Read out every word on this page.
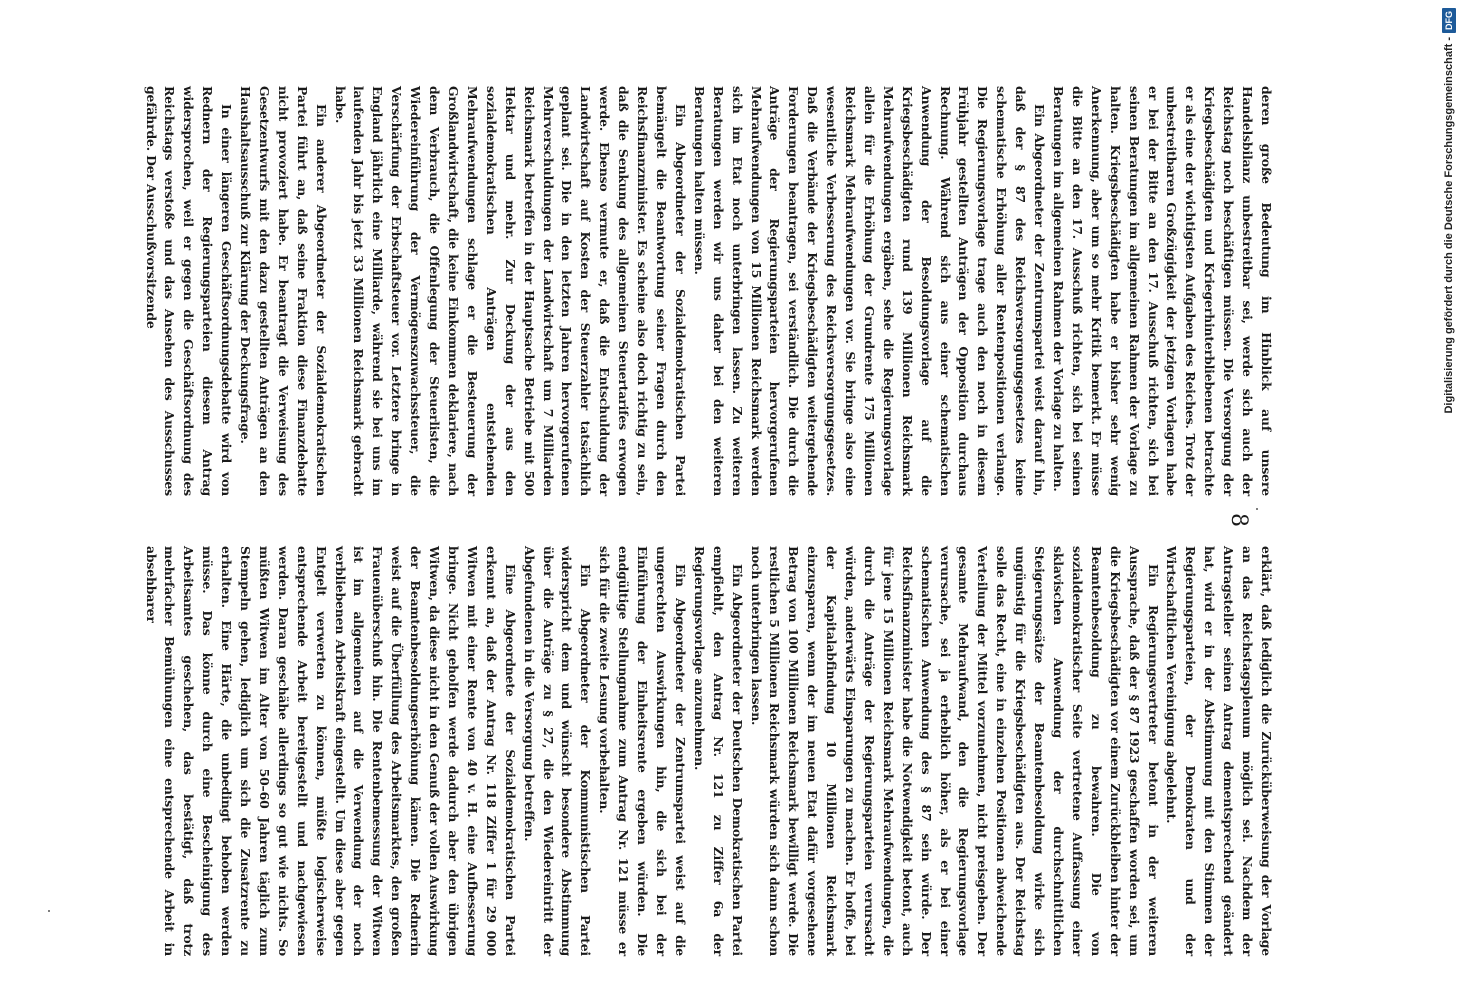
deren große Bedeutung im Hinblick auf unsere Handelsbilanz unbestreitbar sei, werde sich auch der Reichstag noch beschäftigen müssen. Die Versorgung der Kriegsbeschädigten und Kriegerhinterbliebenen betrachte er als eine der wichtigsten Aufgaben des Reiches. Trotz der unbestreitbaren Großzügigkeit der jetzigen Vorlagen habe er bei der Bitte an den 17. Ausschuß richten, sich bei seinen Beratungen im allgemeinen Rahmen der Vorlage zu halten. Kriegsbeschädigten habe er bisher sehr wenig Anerkennung, aber um so mehr Kritik bemerkt. Er müsse die Bitte an den 17. Ausschuß richten, sich bei seinen Beratungen im allgemeinen Rahmen der Vorlage zu halten.

Ein Abgeordneter der Zentrumspartei weist darauf hin, daß der § 87 des Reichsversorgungsgesetzes keine schematische Erhöhung aller Rentenpositionen verlange. Die Regierungsvorlage trage auch den noch in diesem Frühjahr gestellten Anträgen der Opposition durchaus Rechnung. Während sich aus einer schematischen Anwendung der Besoldungsvorlage auf die Kriegsbeschädigten rund 139 Millionen Reichsmark Mehraufwendungen ergäben, sehe die Regierungsvorlage allein für die Erhöhung der Grundrente 175 Millionen Reichsmark Mehraufwendungen vor. Sie bringe also eine wesentliche Verbesserung des Reichsversorgungsgesetzes. Daß die Verbände der Kriegsbeschädigten weitergehende Forderungen beantragen, sei verständlich. Die durch die Anträge der Regierungsparteien hervorgerufenen Mehraufwendungen von 15 Millionen Reichsmark werden sich im Etat noch unterbringen lassen. Zu weiteren Beratungen werden wir uns daher bei den weiteren Beratungen halten müssen.

Ein Abgeordneter der Sozialdemokratischen Partei bemängelt die Beantwortung seiner Fragen durch den Reichsfinanzminister. Es scheine also doch richtig zu sein, daß die Senkung des allgemeinen Steuertarifes erwogen werde. Ebenso vermute er, daß die Entschuldung der Landwirtschaft auf Kosten der Steuerzahler tatsächlich geplant sei. Die in den letzten Jahren hervorgerufenen Mehrverschuldungen der Landwirtschaft um 7 Milliarden Reichsmark betreffen in der Hauptsache Betriebe mit 500 Hektar und mehr. Zur Deckung der aus den sozialdemokratischen Anträgen entstehenden Mehraufwendungen schlage er die Besteuerung der Großlandwirtschaft, die keine Einkommen deklariere, nach dem Verbrauch, die Offenlegung der Steuerlisten, die Wiedereinführung der Vermögenszuwachssteuer, die Verschärfung der Erbschaftsteuer vor. Letztere bringe in England jährlich eine Milliarde, während sie bei uns im laufenden Jahr bis jetzt 33 Millionen Reichsmark gebracht habe.

Ein anderer Abgeordneter der Sozialdemokratischen Partei führt an, daß seine Fraktion diese Finanzdebatte nicht provoziert habe. Er beantragt die Verweisung des Gesetzentwurfs mit den dazu gestellten Anträgen an den Haushaltsausschuß zur Klärung der Deckungsfrage.

In einer längeren Geschäftsordnungsdebatte wird von Rednern der Regierungsparteien diesem Antrag widersprochen, weil er gegen die Geschäftsordnung des Reichstags verstoße und das Ansehen des Ausschusses gefährde. Der Ausschußvorsitzende

8

erklärt, daß lediglich die Zurücküberweisung der Vorlage an das Reichstagsplenum möglich sei. Nachdem der Antragsteller seinen Antrag dementsprechend geändert hat, wird er in der Abstimmung mit den Stimmen der Regierungsparteien, der Demokraten und der Wirtschaftlichen Vereinigung abgelehnt.

Ein Regierungsvertreter betont in der weiteren Aussprache, daß der § 87 1923 geschaffen worden sei, um die Kriegsbeschädigten vor einem Zurückbleiben hinter der Beamtenbesoldung zu bewahren. Die von sozialdemokratischer Seite vertretene Auffassung einer sklavischen Anwendung der durchschnittlichen Steigerungssätze der Beamtenbesoldung wirke sich ungünstig für die Kriegsbeschädigten aus. Der Reichstag solle das Recht, eine in einzelnen Positionen abweichende Verteilung der Mittel vorzunehmen, nicht preisgeben. Der gesamte Mehraufwand, den die Regierungsvorlage verursache, sei ja erheblich höher, als er bei einer schematischen Anwendung des § 87 sein würde. Der Reichsfinanzminister habe die Notwendigkeit betont, auch für jene 15 Millionen Reichsmark Mehraufwendungen, die durch die Anträge der Regierungsparteien verursacht würden, anderwärts Einsparungen zu machen. Er hoffe, bei der Kapitalabfindung 10 Millionen Reichsmark einzusparen, wenn der im neuen Etat dafür vorgesehene Betrag von 100 Millionen Reichsmark bewilligt werde. Die restlichen 5 Millionen Reichsmark würden sich dann schon noch unterbringen lassen.

Ein Abgeordneter der Deutschen Demokratischen Partei empfiehlt, den Antrag Nr. 121 zu Ziffer 6a der Regierungsvorlage anzunehmen.

Ein Abgeordneter der Zentrumspartei weist auf die ungerechten Auswirkungen hin, die sich bei der Einführung der Einheitsrente ergeben würden. Die endgültige Stellungnahme zum Antrag Nr. 121 müsse er sich für die zweite Lesung vorbehalten.

Ein Abgeordneter der Kommunistischen Partei widerspricht dem und wünscht besondere Abstimmung über die Anträge zu § 27, die den Wiedereintritt der Abgefundenen in die Versorgung betreffen.

Eine Abgeordnete der Sozialdemokratischen Partei erkennt an, daß der Antrag Nr. 118 Ziffer 1 für 29 000 Witwen mit einer Rente von 40 v. H. eine Aufbesserung bringe. Nicht geholfen werde dadurch aber den übrigen Witwen, da diese nicht in den Genuß der vollen Auswirkung der Beamtenbesoldungserhöhung kämen. Die Rednerin weist auf die Überfüllung des Arbeitsmarktes, den großen Frauenüberschuß hin. Die Rentenbemessung der Witwen ist im allgemeinen auf die Verwendung der noch verbliebenen Arbeitskraft eingestellt. Um diese aber gegen Entgelt verwerten zu können, müßte logischerweise entsprechende Arbeit bereitgestellt und nachgewiesen werden. Daran geschähe allerdings so gut wie nichts. So müßten Witwen im Alter von 50–60 Jahren täglich zum Stempeln gehen, lediglich um sich die Zusatzrente zu erhalten. Eine Härte, die unbedingt behoben werden müsse. Das könne durch eine Bescheinigung des Arbeitsamtes geschehen, das bestätigt, daß trotz mehrfacher Bemühungen eine entsprechende Arbeit in absehbarer

Digitalisierung gefördert durch die Deutsche Forschungsgemeinschaft -
DFG
